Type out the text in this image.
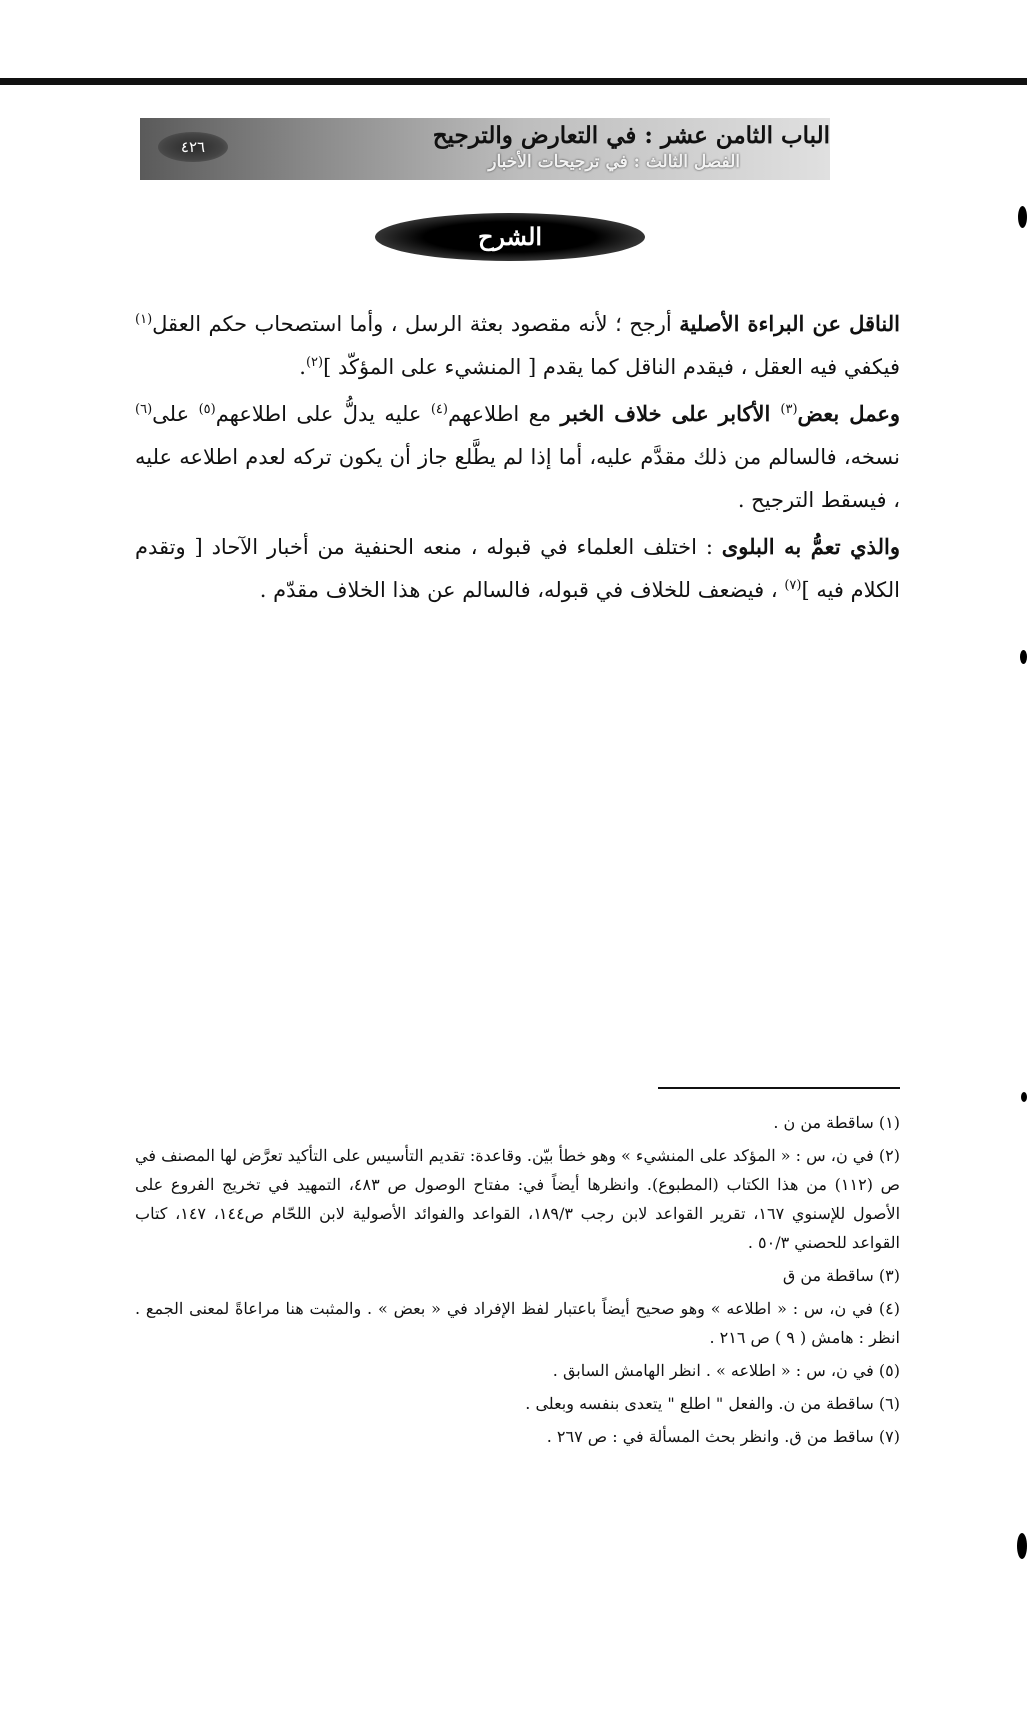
الباب الثامن عشر : في التعارض والترجيح
الفصل الثالث : في ترجيحات الأخبار
٤٢٦
الشرح

الناقل عن البراءة الأصلية أرجح ؛ لأنه مقصود بعثة الرسل ، وأما استصحاب حكم العقل$^{(١)}$ فيكفي فيه العقل ، فيقدم الناقل كما يقدم [ المنشيء على المؤكّد ]$^{(٢)}$.

وعمل بعض$^{(٣)}$ الأكابر على خلاف الخبر مع اطلاعهم$^{(٤)}$ عليه يدلُّ على اطلاعهم$^{(٥)}$ على$^{(٦)}$ نسخه، فالسالم من ذلك مقدَّم عليه، أما إذا لم يطَّلع جاز أن يكون تركه لعدم اطلاعه عليه ، فيسقط الترجيح .

والذي تعمُّ به البلوى : اختلف العلماء في قبوله ، منعه الحنفية من أخبار الآحاد [ وتقدم الكلام فيه ]$^{(٧)}$ ، فيضعف للخلاف في قبوله، فالسالم عن هذا الخلاف مقدّم .

(١) ساقطة من ن .
(٢) في ن، س : « المؤكد على المنشيء » وهو خطأ بيّن. وقاعدة: تقديم التأسيس على التأكيد تعرَّض لها المصنف في ص (١١٢) من هذا الكتاب (المطبوع). وانظرها أيضاً في: مفتاح الوصول ص ٤٨٣، التمهيد في تخريج الفروع على الأصول للإسنوي ١٦٧، تقرير القواعد لابن رجب ١٨٩/٣، القواعد والفوائد الأصولية لابن اللحّام ص١٤٤، ١٤٧، كتاب القواعد للحصني ٥٠/٣ .
(٣) ساقطة من ق
(٤) في ن، س : « اطلاعه » وهو صحيح أيضاً باعتبار لفظ الإفراد في « بعض » . والمثبت هنا مراعاةً لمعنى الجمع . انظر : هامش ( ٩ ) ص ٢١٦ .
(٥) في ن، س : « اطلاعه » . انظر الهامش السابق .
(٦) ساقطة من ن. والفعل " اطلع " يتعدى بنفسه وبعلى .
(٧) ساقط من ق. وانظر بحث المسألة في : ص ٢٦٧ .
